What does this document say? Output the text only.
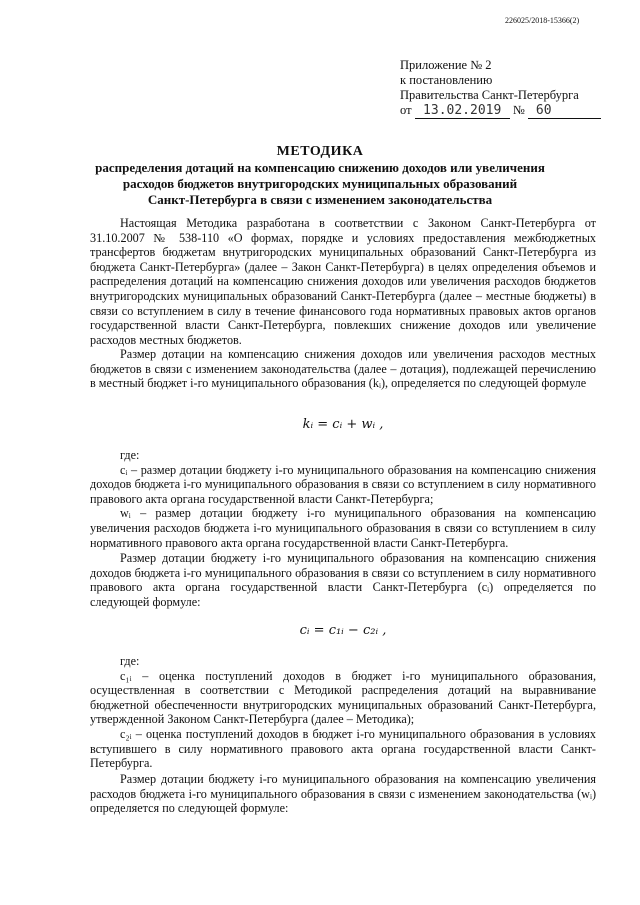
226025/2018-15366(2)
Приложение № 2
к постановлению
Правительства Санкт-Петербурга
от 13.02.2019 № 60
МЕТОДИКА
распределения дотаций на компенсацию снижению доходов или увеличения
расходов бюджетов внутригородских муниципальных образований
Санкт-Петербурга в связи с изменением законодательства
Настоящая Методика разработана в соответствии с Законом Санкт-Петербурга от 31.10.2007 № 538-110 «О формах, порядке и условиях предоставления межбюджетных трансфертов бюджетам внутригородских муниципальных образований Санкт-Петербурга из бюджета Санкт-Петербурга» (далее – Закон Санкт-Петербурга) в целях определения объемов и распределения дотаций на компенсацию снижения доходов или увеличения расходов бюджетов внутригородских муниципальных образований Санкт-Петербурга (далее – местные бюджеты) в связи со вступлением в силу в течение финансового года нормативных правовых актов органов государственной власти Санкт-Петербурга, повлекших снижение доходов или увеличение расходов местных бюджетов.
Размер дотации на компенсацию снижения доходов или увеличения расходов местных бюджетов в связи с изменением законодательства (далее – дотация), подлежащей перечислению в местный бюджет i-го муниципального образования (kᵢ), определяется по следующей формуле
kᵢ = cᵢ + wᵢ ,
где:
cᵢ – размер дотации бюджету i-го муниципального образования на компенсацию снижения доходов бюджета i-го муниципального образования в связи со вступлением в силу нормативного правового акта органа государственной власти Санкт-Петербурга;
wᵢ – размер дотации бюджету i-го муниципального образования на компенсацию увеличения расходов бюджета i-го муниципального образования в связи со вступлением в силу нормативного правового акта органа государственной власти Санкт-Петербурга.
Размер дотации бюджету i-го муниципального образования на компенсацию снижения доходов бюджета i-го муниципального образования в связи со вступлением в силу нормативного правового акта органа государственной власти Санкт-Петербурга (cᵢ) определяется по следующей формуле:
cᵢ = c₁ᵢ − c₂ᵢ ,
где:
c₁ᵢ – оценка поступлений доходов в бюджет i-го муниципального образования, осуществленная в соответствии с Методикой распределения дотаций на выравнивание бюджетной обеспеченности внутригородских муниципальных образований Санкт-Петербурга, утвержденной Законом Санкт-Петербурга (далее – Методика);
c₂ᵢ – оценка поступлений доходов в бюджет i-го муниципального образования в условиях вступившего в силу нормативного правового акта органа государственной власти Санкт-Петербурга.
Размер дотации бюджету i-го муниципального образования на компенсацию увеличения расходов бюджета i-го муниципального образования в связи с изменением законодательства (wᵢ) определяется по следующей формуле:
